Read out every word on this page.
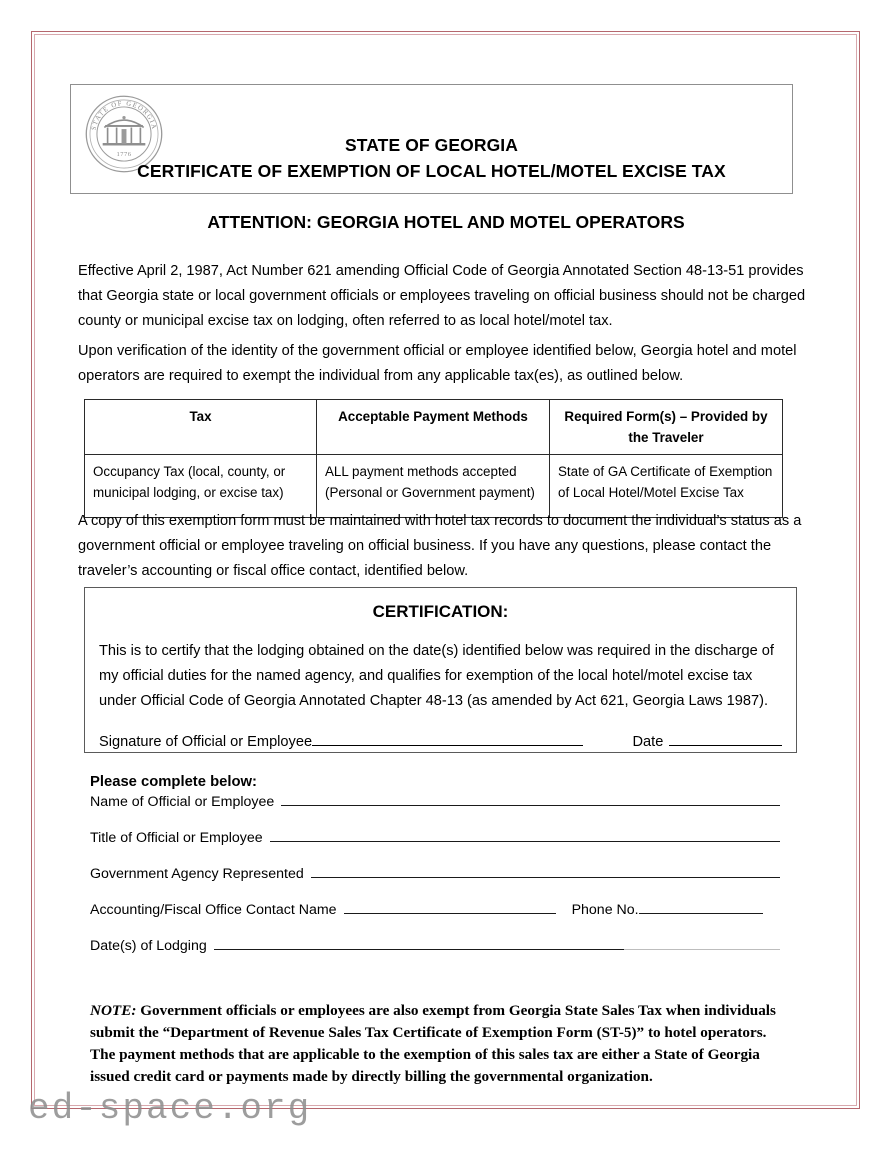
STATE OF GEORGIA
1776	STATE OF GEORGIA
CERTIFICATE OF EXEMPTION OF LOCAL HOTEL/MOTEL EXCISE TAX
ATTENTION: GEORGIA HOTEL AND MOTEL OPERATORS
Effective April 2, 1987, Act Number 621 amending Official Code of Georgia Annotated Section 48-13-51 provides that Georgia state or local government officials or employees traveling on official business should not be charged county or municipal excise tax on lodging, often referred to as local hotel/motel tax.
Upon verification of the identity of the government official or employee identified below, Georgia hotel and motel operators are required to exempt the individual from any applicable tax(es), as outlined below.
Tax	Acceptable Payment Methods	Required Form(s) – Provided by the Traveler
Occupancy Tax (local, county, or municipal lodging, or excise tax)	ALL payment methods accepted (Personal or Government payment)	State of GA Certificate of Exemption of Local Hotel/Motel Excise Tax
A copy of this exemption form must be maintained with hotel tax records to document the individual’s status as a government official or employee traveling on official business. If you have any questions, please contact the traveler’s accounting or fiscal office contact, identified below.
CERTIFICATION:
This is to certify that the lodging obtained on the date(s) identified below was required in the discharge of my official duties for the named agency, and qualifies for exemption of the local hotel/motel excise tax under Official Code of Georgia Annotated Chapter 48-13 (as amended by Act 621, Georgia Laws 1987).
Signature of Official or Employee	Date
Please complete below:
Name of Official or Employee
Title of Official or Employee
Government Agency Represented
Accounting/Fiscal Office Contact Name	Phone No.
Date(s) of Lodging
NOTE: Government officials or employees are also exempt from Georgia State Sales Tax when individuals submit the “Department of Revenue Sales Tax Certificate of Exemption Form (ST-5)” to hotel operators. The payment methods that are applicable to the exemption of this sales tax are either a State of Georgia issued credit card or payments made by directly billing the governmental organization.
ed-space.org
